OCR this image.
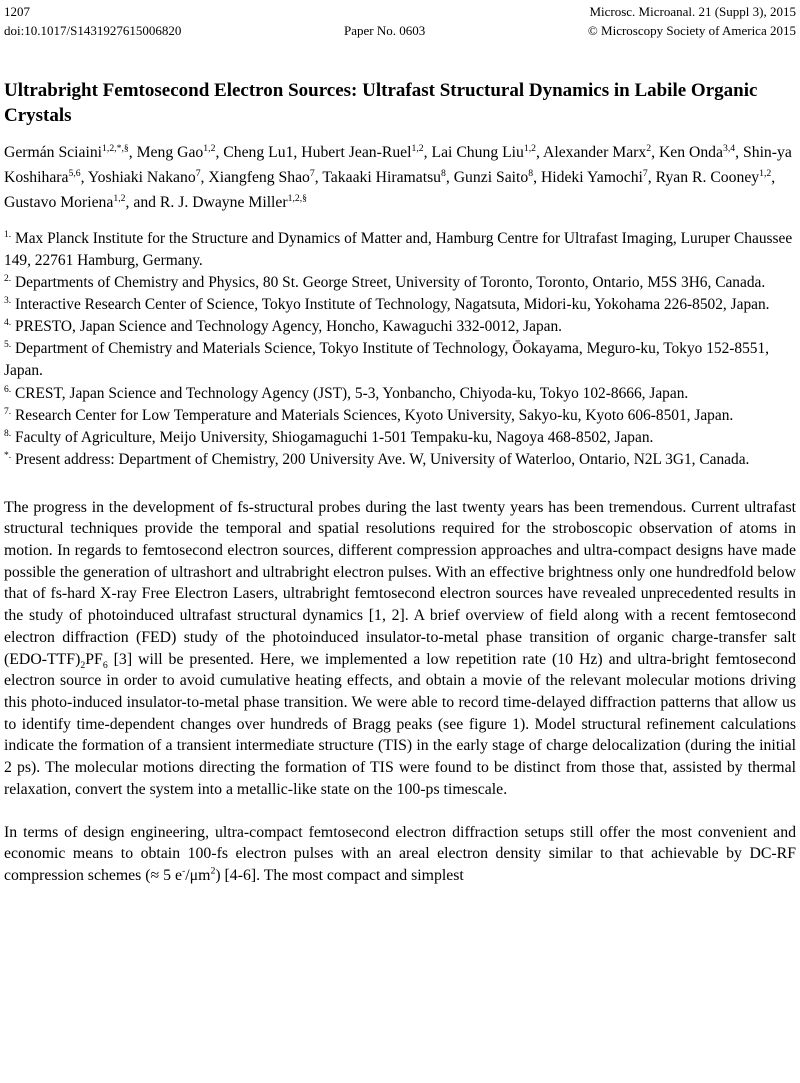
1207
doi:10.1017/S1431927615006820	Paper No. 0603
Microsc. Microanal. 21 (Suppl 3), 2015
© Microscopy Society of America 2015
Ultrabright Femtosecond Electron Sources: Ultrafast Structural Dynamics in Labile Organic Crystals

Germán Sciaini$^{1,2,*,\S}$, Meng Gao$^{1,2}$, Cheng Lu1, Hubert Jean-Ruel$^{1,2}$, Lai Chung Liu$^{1,2}$, Alexander Marx$^2$, Ken Onda$^{3,4}$, Shin-ya Koshihara$^{5,6}$, Yoshiaki Nakano$^7$, Xiangfeng Shao$^7$, Takaaki Hiramatsu$^8$, Gunzi Saito$^8$, Hideki Yamochi$^7$, Ryan R. Cooney$^{1,2}$, Gustavo Moriena$^{1,2}$, and R. J. Dwayne Miller$^{1,2,\S}$

$^{1.}$ Max Planck Institute for the Structure and Dynamics of Matter and, Hamburg Centre for Ultrafast Imaging, Luruper Chaussee 149, 22761 Hamburg, Germany.
$^{2.}$ Departments of Chemistry and Physics, 80 St. George Street, University of Toronto, Toronto, Ontario, M5S 3H6, Canada.
$^{3.}$ Interactive Research Center of Science, Tokyo Institute of Technology, Nagatsuta, Midori-ku, Yokohama 226-8502, Japan.
$^{4.}$ PRESTO, Japan Science and Technology Agency, Honcho, Kawaguchi 332-0012, Japan.
$^{5.}$ Department of Chemistry and Materials Science, Tokyo Institute of Technology, Ōokayama, Meguro-ku, Tokyo 152-8551, Japan.
$^{6.}$ CREST, Japan Science and Technology Agency (JST), 5-3, Yonbancho, Chiyoda-ku, Tokyo 102-8666, Japan.
$^{7.}$ Research Center for Low Temperature and Materials Sciences, Kyoto University, Sakyo-ku, Kyoto 606-8501, Japan.
$^{8.}$ Faculty of Agriculture, Meijo University, Shiogamaguchi 1-501 Tempaku-ku, Nagoya 468-8502, Japan.
*. Present address: Department of Chemistry, 200 University Ave. W, University of Waterloo, Ontario, N2L 3G1, Canada.

The progress in the development of fs-structural probes during the last twenty years has been tremendous. Current ultrafast structural techniques provide the temporal and spatial resolutions required for the stroboscopic observation of atoms in motion. In regards to femtosecond electron sources, different compression approaches and ultra-compact designs have made possible the generation of ultrashort and ultrabright electron pulses. With an effective brightness only one hundredfold below that of fs-hard X-ray Free Electron Lasers, ultrabright femtosecond electron sources have revealed unprecedented results in the study of photoinduced ultrafast structural dynamics [1, 2]. A brief overview of field along with a recent femtosecond electron diffraction (FED) study of the photoinduced insulator-to-metal phase transition of organic charge-transfer salt $(EDO-TTF)_2PF_6$ [3] will be presented. Here, we implemented a low repetition rate (10 Hz) and ultra-bright femtosecond electron source in order to avoid cumulative heating effects, and obtain a movie of the relevant molecular motions driving this photo-induced insulator-to-metal phase transition. We were able to record time-delayed diffraction patterns that allow us to identify time-dependent changes over hundreds of Bragg peaks (see figure 1). Model structural refinement calculations indicate the formation of a transient intermediate structure (TIS) in the early stage of charge delocalization (during the initial 2 ps). The molecular motions directing the formation of TIS were found to be distinct from those that, assisted by thermal relaxation, convert the system into a metallic-like state on the 100-ps timescale.

In terms of design engineering, ultra-compact femtosecond electron diffraction setups still offer the most convenient and economic means to obtain 100-fs electron pulses with an areal electron density similar to that achievable by DC-RF compression schemes (≈ 5 $e^-/\mu m^2$) [4-6]. The most compact and simplest
